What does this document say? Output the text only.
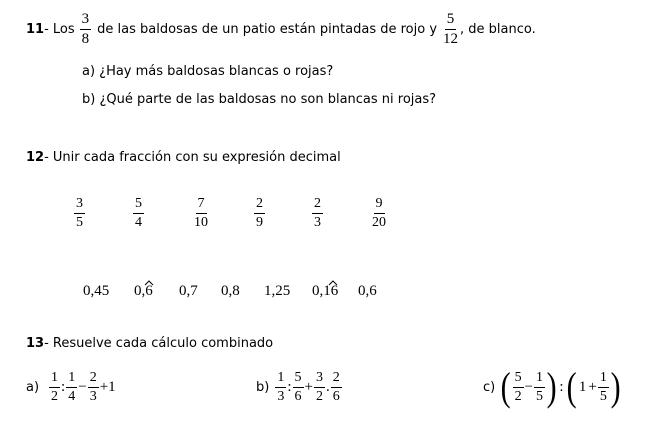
11 - Los $\frac{3}{8}$ de las baldosas de un patio están pintadas de rojo y $\frac{5}{12}$ , de blanco.
a) ¿Hay más baldosas blancas o rojas?
b) ¿Qué parte de las baldosas no son blancas ni rojas?
12- Unir cada fracción con su expresión decimal
$\frac{3}{5}$	$\frac{5}{4}$	$\frac{7}{10}$	$\frac{2}{9}$	$\frac{2}{3}$	$\frac{9}{20}$
0,45 0,6 0,7 0,8 1,25 0,16 0,6
13- Resuelve cada cálculo combinado
$a) \frac{1}{2}$ : $\frac{1}{4} - \frac{2}{3} +1$	$b) \frac{1}{3}$ : $\frac{5}{6} + \frac{3}{2}$ . $\frac{2}{6}$	c) ( $\frac{5}{2} - \frac{1}{5}$ ) : ( $1 + \frac{1}{5}$ )
